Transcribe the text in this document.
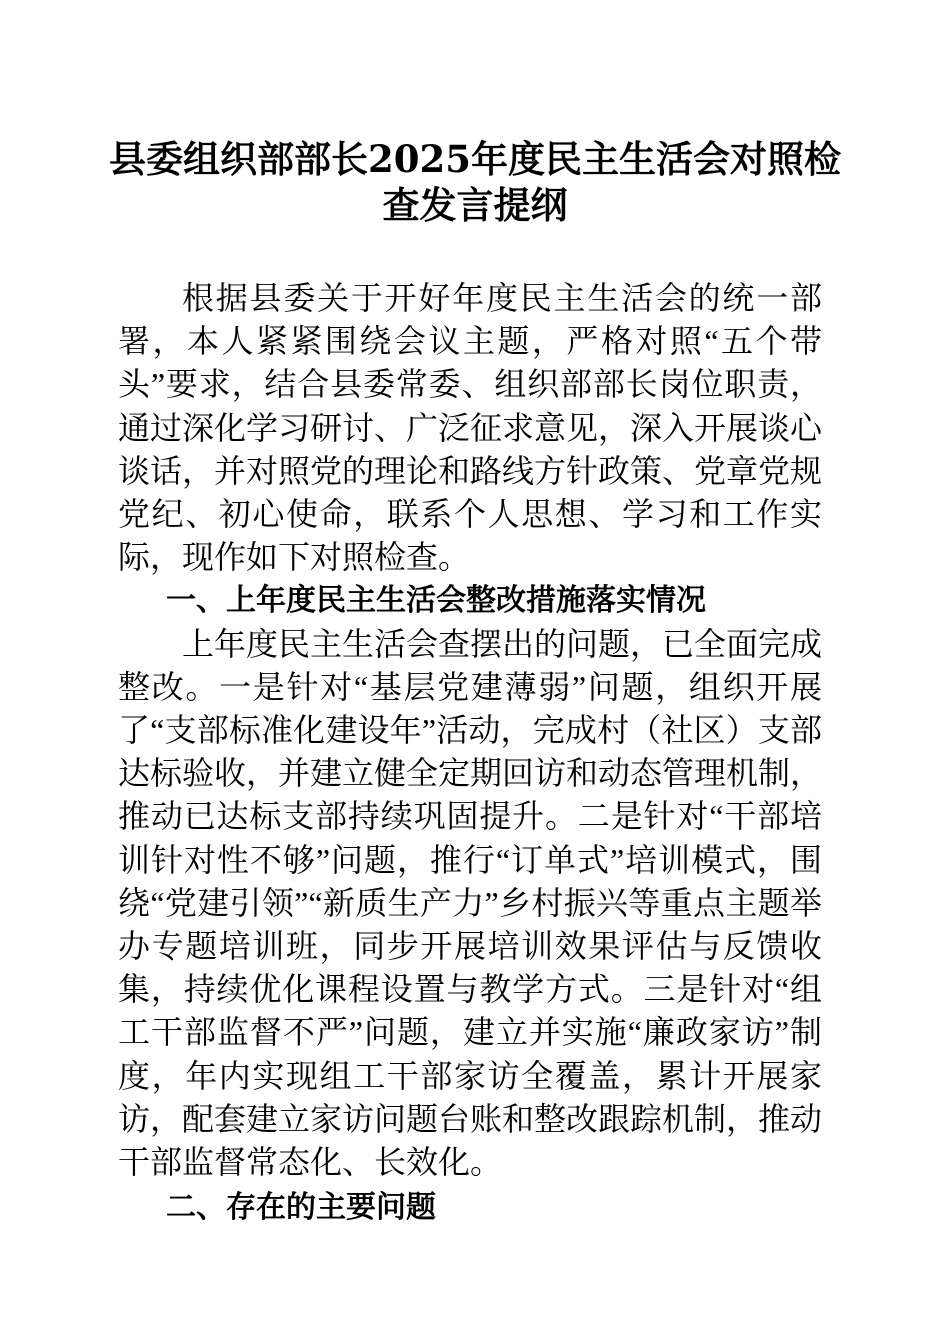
县委组织部部长2025年度民主生活会对照检
查发言提纲

根据县委关于开好年度民主生活会的统一部署，本人紧紧围绕会议主题，严格对照“五个带头”要求，结合县委常委、组织部部长岗位职责，通过深化学习研讨、广泛征求意见，深入开展谈心谈话，并对照党的理论和路线方针政策、党章党规党纪、初心使命，联系个人思想、学习和工作实际，现作如下对照检查。

一、上年度民主生活会整改措施落实情况

上年度民主生活会查摆出的问题，已全面完成整改。一是针对“基层党建薄弱”问题，组织开展了“支部标准化建设年”活动，完成村（社区）支部达标验收，并建立健全定期回访和动态管理机制，推动已达标支部持续巩固提升。二是针对“干部培训针对性不够”问题，推行“订单式”培训模式，围绕“党建引领”“新质生产力”乡村振兴等重点主题举办专题培训班，同步开展培训效果评估与反馈收集，持续优化课程设置与教学方式。三是针对“组工干部监督不严”问题，建立并实施“廉政家访”制度，年内实现组工干部家访全覆盖，累计开展家访，配套建立家访问题台账和整改跟踪机制，推动干部监督常态化、长效化。

二、存在的主要问题
